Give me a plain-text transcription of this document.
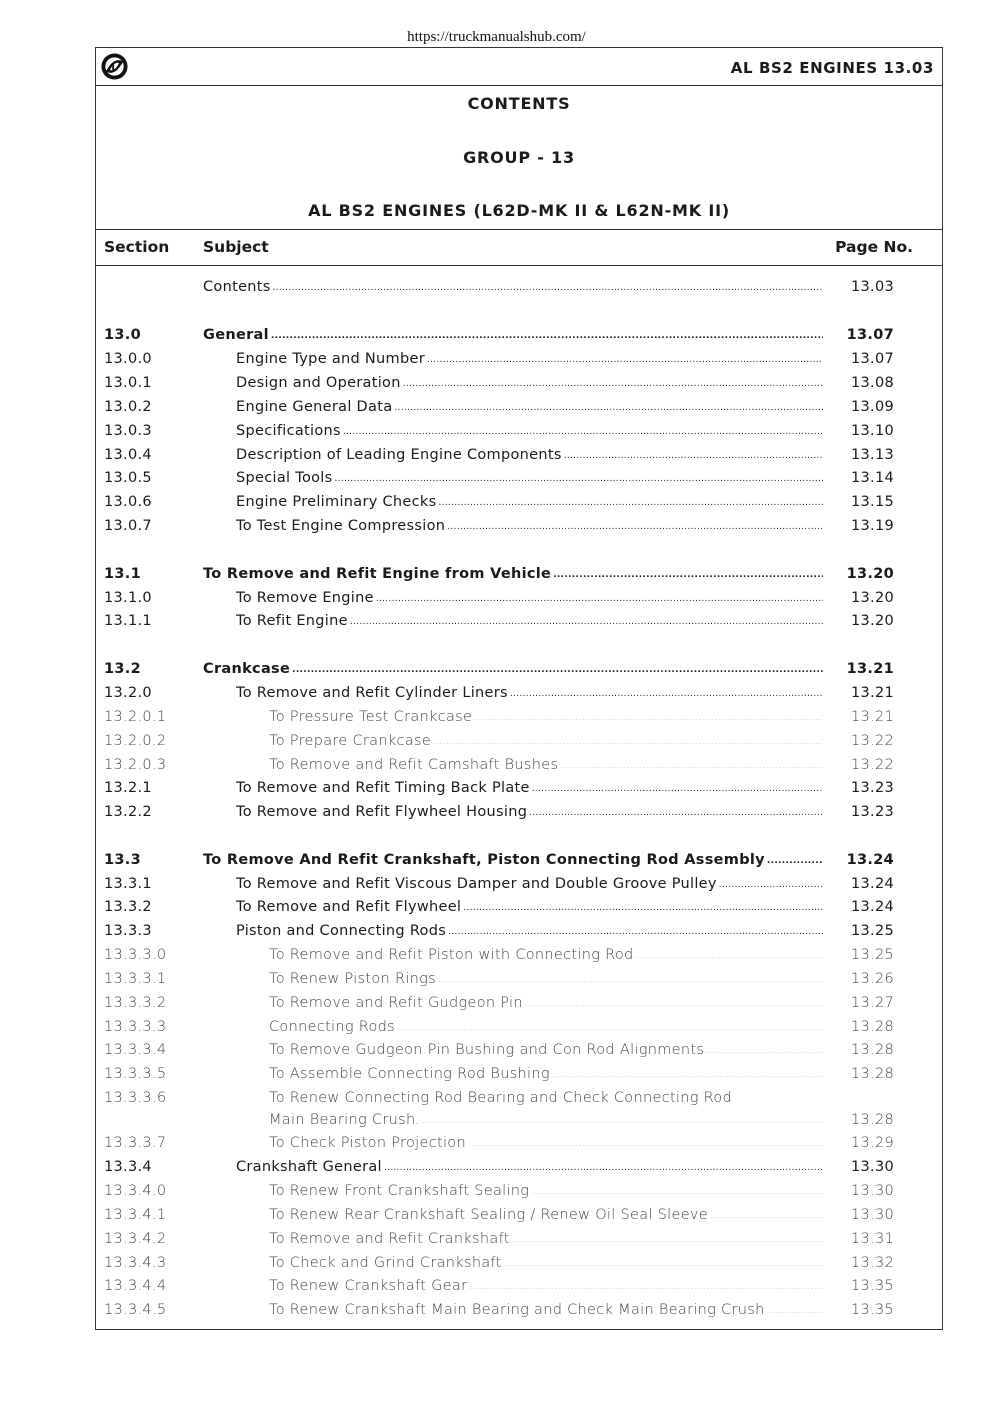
https://truckmanualshub.com/
L	AL BS2 ENGINES 13.03
CONTENTS
GROUP - 13
AL BS2 ENGINES (L62D-MK II & L62N-MK II)
Section Subject	Page No.
Contents .....	13.03
13.0	General .....	13.07
13.0.0	Engine Type and Number .....	13.07
13.0.1	Design and Operation .....	13.08
13.0.2	Engine General Data .....	13.09
13.0.3	Specifications .....	13.10
13.0.4	Description of Leading Engine Components .....	13.13
13.0.5	Special Tools .....	13.14
13.0.6	Engine Preliminary Checks .....	13.15
13.0.7	To Test Engine Compression .....	13.19
13.1	To Remove and Refit Engine from Vehicle .....	13.20
13.1.0	To Remove Engine .....	13.20
13.1.1	To Refit Engine .....	13.20
13.2	Crankcase .....	13.21
13.2.0	To Remove and Refit Cylinder Liners .....	13.21
13.2.0.1	To Pressure Test Crankcase .....	13.21
13.2.0.2	To Prepare Crankcase .....	13.22
13.2.0.3	To Remove and Refit Camshaft Bushes .....	13.22
13.2.1	To Remove and Refit Timing Back Plate .....	13.23
13.2.2	To Remove and Refit Flywheel Housing .....	13.23
13.3	To Remove And Refit Crankshaft, Piston Connecting Rod Assembly .....	13.24
13.3.1	To Remove and Refit Viscous Damper and Double Groove Pulley .....	13.24
13.3.2	To Remove and Refit Flywheel .....	13.24
13.3.3	Piston and Connecting Rods .....	13.25
13.3.3.0	To Remove and Refit Piston with Connecting Rod .....	13.25
13.3.3.1	To Renew Piston Rings .....	13.26
13.3.3.2	To Remove and Refit Gudgeon Pin .....	13.27
13.3.3.3	Connecting Rods .....	13.28
13.3.3.4	To Remove Gudgeon Pin Bushing and Con Rod Alignments .....	13.28
13.3.3.5	To Assemble Connecting Rod Bushing .....	13.28
13.3.3.6	To Renew Connecting Rod Bearing and Check Connecting Rod
Main Bearing Crush. .....	13.28
13.3.3.7	To Check Piston Projection .....	13.29
13.3.4	Crankshaft General .....	13.30
13.3.4.0	To Renew Front Crankshaft Sealing .....	13.30
13.3.4.1	To Renew Rear Crankshaft Sealing / Renew Oil Seal Sleeve .....	13.30
13.3.4.2	To Remove and Refit Crankshaft .....	13.31
13.3.4.3	To Check and Grind Crankshaft .....	13.32
13.3.4.4	To Renew Crankshaft Gear .....	13.35
13.3.4.5	To Renew Crankshaft Main Bearing and Check Main Bearing Crush .....	13.35
